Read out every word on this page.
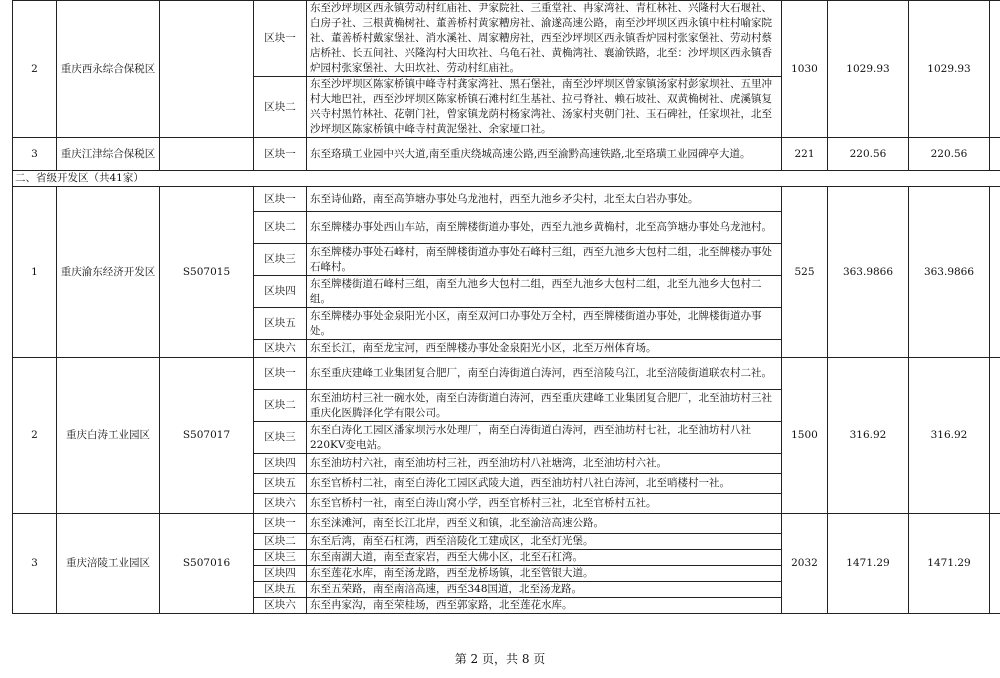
2	重庆西永综合保税区		区块一	东至沙坪坝区西永镇劳动村红庙社、尹家院社、三重堂社、冉家湾社、青杠林社、兴隆村大石堰社、白房子社、三根黄桷树社、董善桥村黄家糟房社、渝遂高速公路，南至沙坪坝区西永镇中柱村喻家院社、董善桥村戴家堡社、消水溪社、周家糟房社，西至沙坪坝区西永镇香炉园村张家堡社、劳动村蔡店桥社、长五间社、兴隆沟村大田坎社、乌龟石社、黄桷湾社、襄渝铁路，北至：沙坪坝区西永镇香炉园村张家堡社、大田坎社、劳动村红庙社。	1030	1029.93	1029.93			
			区块二	东至沙坪坝区陈家桥镇中峰寺村龚家湾社、黑石堡社，南至沙坪坝区曾家镇汤家村彭家坝社、五里冲村大地巴社，西至沙坪坝区陈家桥镇石滩村红生基社、拉弓脊社、赖石坡社、双黄桷树社、虎溪镇复兴寺村黑竹林社、花朝门社，曾家镇龙荫村杨家湾社、汤家村夹朝门社、玉石碑社，任家坝社，北至沙坪坝区陈家桥镇中峰寺村黄泥堡社、余家垭口社。						
3	重庆江津综合保税区		区块一	东至珞璜工业园中兴大道,南至重庆绕城高速公路,西至渝黔高速铁路,北至珞璜工业园碑亭大道。	221	220.56	220.56			
二、省级开发区（共41家）										
1	重庆渝东经济开发区	S507015	区块一	东至诗仙路，南至高笋塘办事处乌龙池村，西至九池乡矛尖村，北至太白岩办事处。	525	363.9866	363.9866			
			区块二	东至牌楼办事处西山车站，南至牌楼街道办事处，西至九池乡黄桷村，北至高笋塘办事处乌龙池村。						
			区块三	东至牌楼办事处石峰村，南至牌楼街道办事处石峰村三组，西至九池乡大包村二组，北至牌楼办事处石峰村。						
			区块四	东至牌楼街道石峰村三组，南至九池乡大包村二组，西至九池乡大包村二组，北至九池乡大包村二组。						
			区块五	东至牌楼办事处金泉阳光小区，南至双河口办事处万全村，西至牌楼街道办事处，北牌楼街道办事处。						
			区块六	东至长江，南至龙宝河，西至牌楼办事处金泉阳光小区，北至万州体育场。						
2	重庆白涛工业园区	S507017	区块一	东至重庆建峰工业集团复合肥厂，南至白涛街道白涛河，西至涪陵乌江，北至涪陵街道联农村二社。	1500	316.92	316.92			
			区块二	东至油坊村三社一碗水处，南至白涛街道白涛河，西至重庆建峰工业集团复合肥厂，北至油坊村三社重庆化医腾泽化学有限公司。						
			区块三	东至白涛化工园区潘家坝污水处理厂，南至白涛街道白涛河，西至油坊村七社，北至油坊村八社220KV变电站。						
			区块四	东至油坊村六社，南至油坊村三社，西至油坊村八社塘湾，北至油坊村六社。						
			区块五	东至官桥村二社，南至白涛化工园区武陵大道，西至油坊村八社白涛河，北至哨楼村一社。						
			区块六	东至官桥村一社，南至白涛山窝小学，西至官桥村三社，北至官桥村五社。						
3	重庆涪陵工业园区	S507016	区块一	东至涞滩河，南至长江北岸，西至义和镇，北至渝涪高速公路。	2032	1471.29	1471.29			
			区块二	东至后湾，南至石杠湾，西至涪陵化工建成区，北至灯光堡。						
			区块三	东至南湖大道，南至查家岩，西至大佛小区，北至石杠湾。						
			区块四	东至莲花水库，南至汤龙路，西至龙桥场镇，北至管银大道。						
			区块五	东至五荣路，南至南涪高速，西至348国道，北至汤龙路。						
			区块六	东至冉家沟，南至荣桂场，西至郭家路，北至莲花水库。						
第 2 页，共 8 页
